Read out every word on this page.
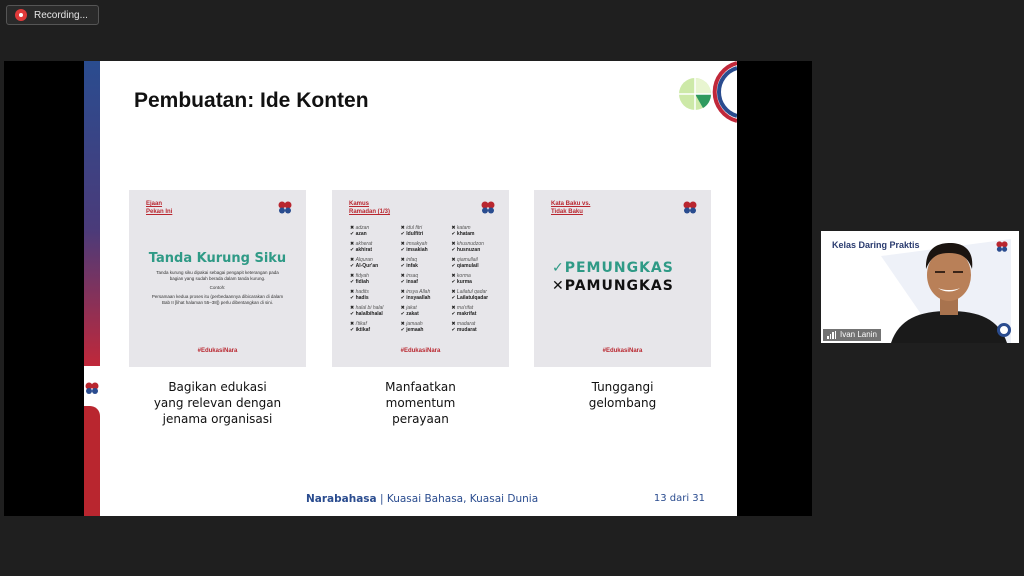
Recording...
Pembuatan: Ide Konten
Ejaan
Pekan Ini
Tanda Kurung Siku

Tanda kurung siku dipakai sebagai pengapit keterangan pada bagian yang sudah berada dalam tanda kurung.

Contoh:

Persamaan kedua proses itu (perbedaannya dibicarakan di dalam Bab II [lihat halaman 55–38]) perlu dibentangkan di sini.

#EdukasiNara
Kamus
Ramadan (1/3)
✖ adzan
✔ azan
✖ idul fitri
✔ Idulfitri
✖ katam
✔ khatam
✖ akherat
✔ akhirat
✖ imsakyah
✔ imsakiah
✖ khusnudzon
✔ husnuzan
✖ Alquran
✔ Al-Qur'an
✖ infaq
✔ infak
✖ qiamullail
✔ qiamulail
✖ fidyah
✔ fidiah
✖ insaq
✔ insaf
✖ korma
✔ kurma
✖ hadits
✔ hadis
✖ insya Allah
✔ insyaallah
✖ Lailatul qadar
✔ Lailatulqadar
✖ halal bi halal
✔ halalbihalal
✖ jakat
✔ zakat
✖ ma'rifat
✔ makrifat
✖ i'tikaf
✔ iktikaf
✖ jamaah
✔ jemaah
✖ madarat
✔ mudarat
#EdukasiNara
Kata Baku vs.
Tidak Baku
✓PEMUNGKAS
✕PAMUNGKAS
#EdukasiNara
Bagikan edukasi
yang relevan dengan
jenama organisasi
Manfaatkan
momentum
perayaan
Tunggangi
gelombang
Narabahasa | Kuasai Bahasa, Kuasai Dunia	13 dari 31
Kelas Daring Praktis
Ivan Lanin
